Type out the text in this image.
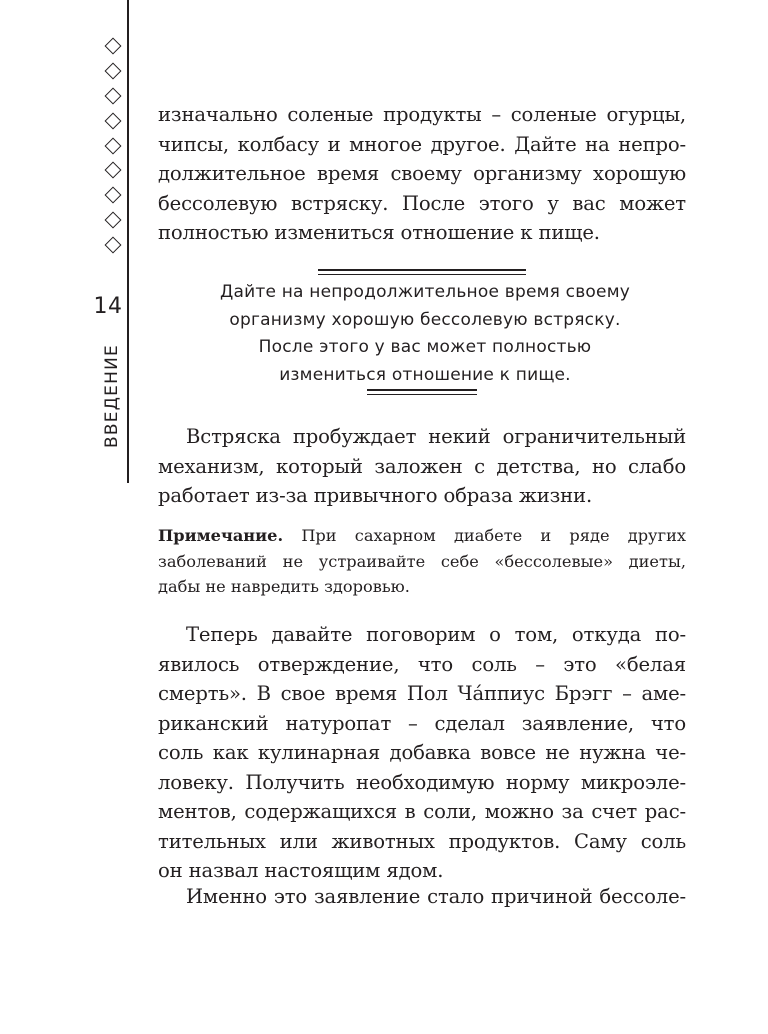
14
ВВЕДЕНИЕ

изначально соленые продукты – соленые огурцы,
чипсы, колбасу и многое другое. Дайте на непро-
должительное время своему организму хорошую
бессолевую встряску. После этого у вас может
полностью измениться отношение к пище.

Дайте на непродолжительное время своему
организму хорошую бессолевую встряску.
После этого у вас может полностью
измениться отношение к пище.

Встряска пробуждает некий ограничительный
механизм, который заложен с детства, но слабо
работает из-за привычного образа жизни.

Примечание. При сахарном диабете и ряде других
заболеваний не устраивайте себе «бессолевые» диеты,
дабы не навредить здоровью.

Теперь давайте поговорим о том, откуда по-
явилось отверждение, что соль – это «белая
смерть». В свое время Пол Ча́ппиус Брэгг – аме-
риканский натуропат – сделал заявление, что
соль как кулинарная добавка вовсе не нужна че-
ловеку. Получить необходимую норму микроэле-
ментов, содержащихся в соли, можно за счет рас-
тительных или животных продуктов. Саму соль
он назвал настоящим ядом.

Именно это заявление стало причиной бессоле-
